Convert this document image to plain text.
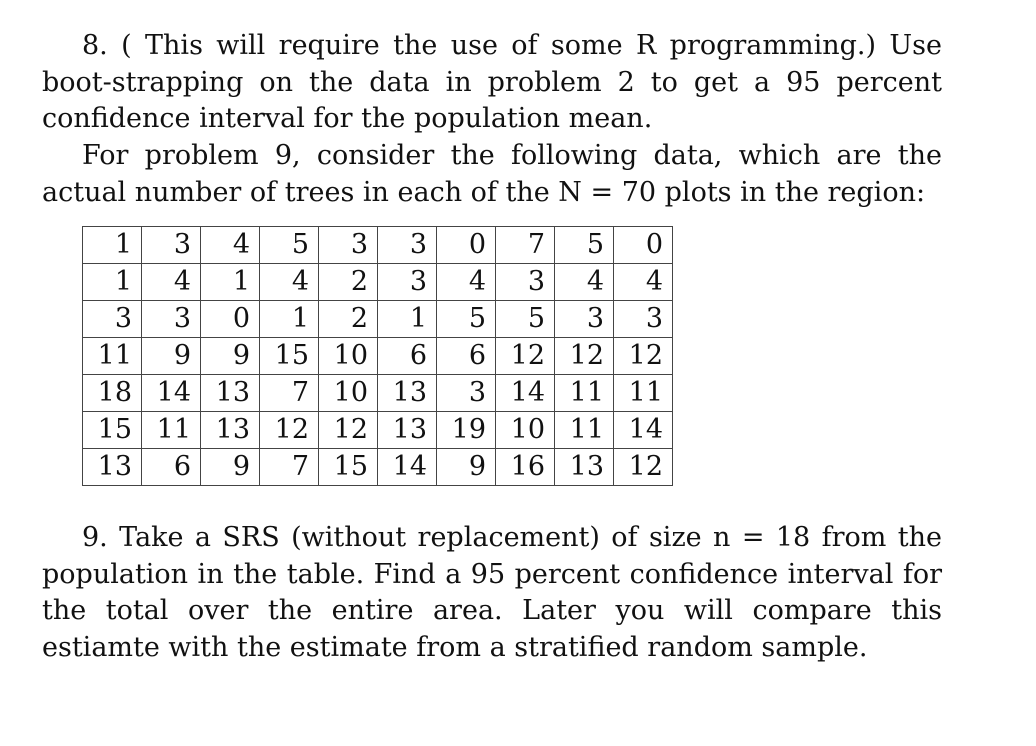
8. ( This will require the use of some R programming.) Use boot-strapping on the data in problem 2 to get a 95 percent confidence interval for the population mean.

For problem 9, consider the following data, which are the actual number of trees in each of the N = 70 plots in the region:

1	3	4	5	3	3	0	7	5	0
1	4	1	4	2	3	4	3	4	4
3	3	0	1	2	1	5	5	3	3
11	9	9	15	10	6	6	12	12	12
18	14	13	7	10	13	3	14	11	11
15	11	13	12	12	13	19	10	11	14
13	6	9	7	15	14	9	16	13	12

9. Take a SRS (without replacement) of size n = 18 from the population in the table. Find a 95 percent confidence interval for the total over the entire area. Later you will compare this estiamte with the estimate from a stratified random sample.
